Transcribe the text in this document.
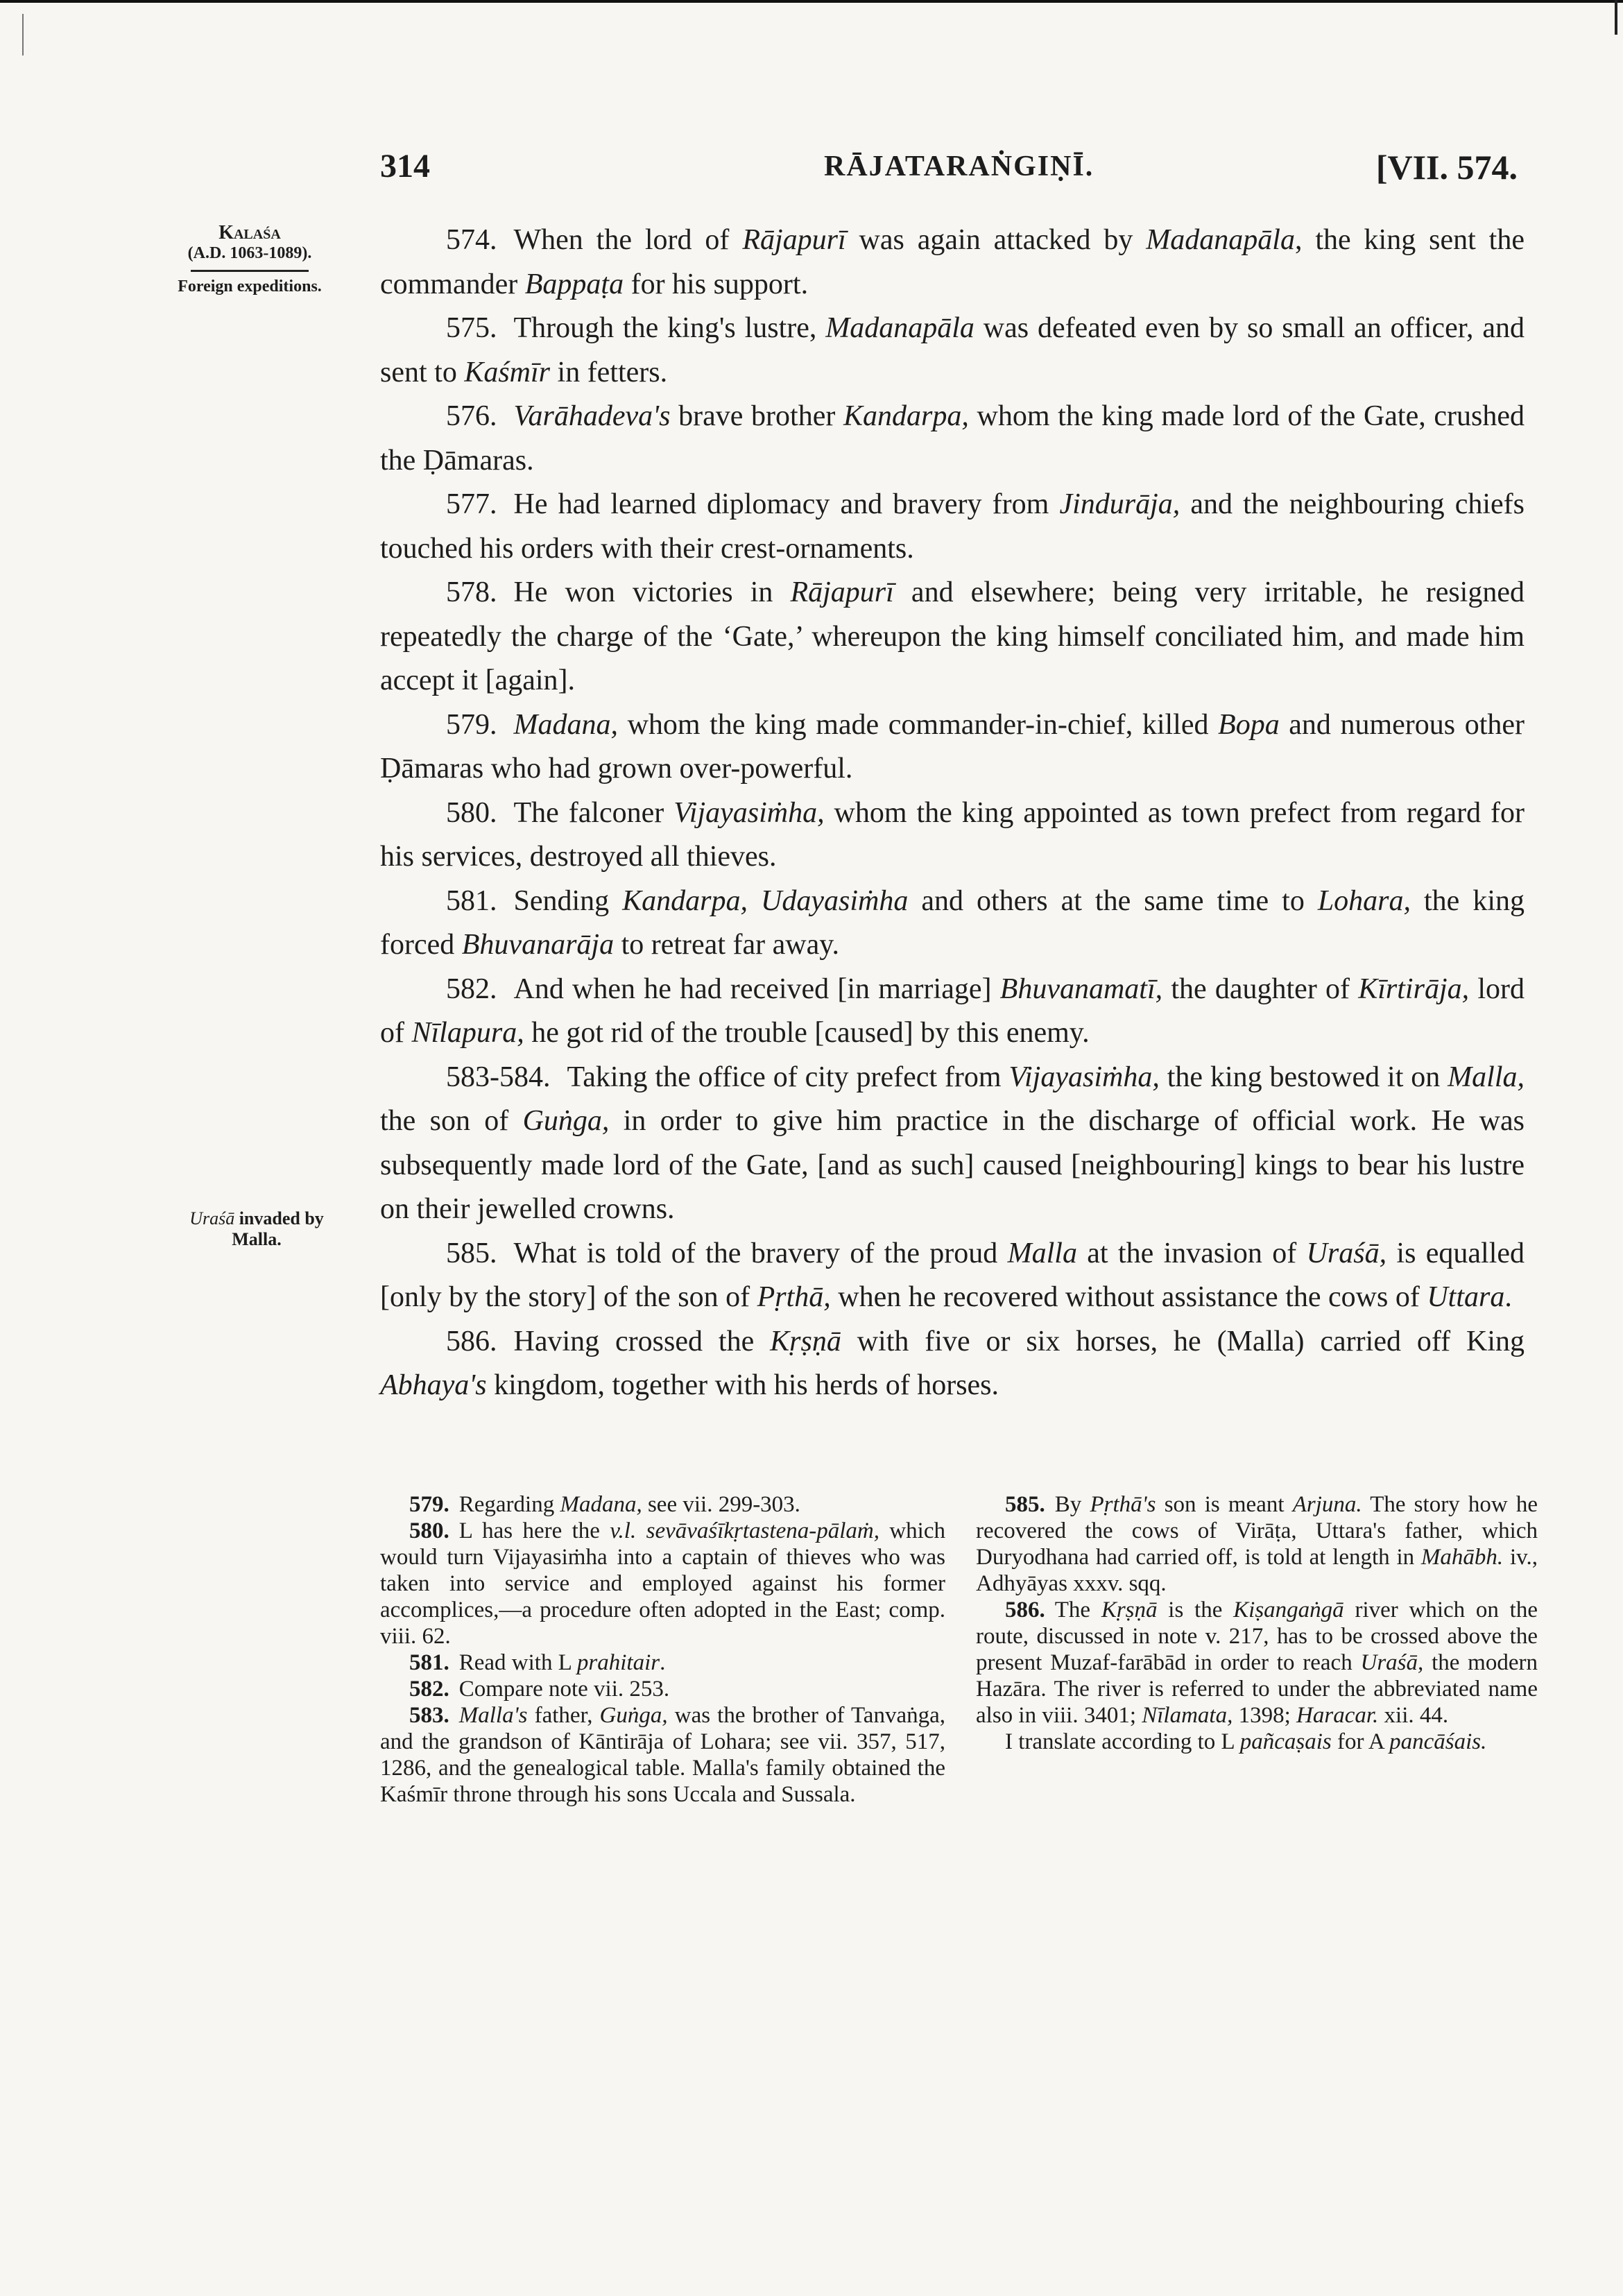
314	RĀJATARAṄGIṆĪ.	[VII. 574.
Kalaśa
(A.D. 1063-1089).
Foreign expeditions.
Uraśā invaded by
Malla.

574. When the lord of Rājapurī was again attacked by Madanapāla, the king sent the commander Bappaṭa for his support.

575. Through the king's lustre, Madanapāla was defeated even by so small an officer, and sent to Kaśmīr in fetters.

576. Varāhadeva's brave brother Kandarpa, whom the king made lord of the Gate, crushed the Ḍāmaras.

577. He had learned diplomacy and bravery from Jindurāja, and the neighbouring chiefs touched his orders with their crest-ornaments.

578. He won victories in Rājapurī and elsewhere; being very irritable, he resigned repeatedly the charge of the ‘Gate,’ whereupon the king himself conciliated him, and made him accept it [again].

579. Madana, whom the king made commander-in-chief, killed Bopa and numerous other Ḍāmaras who had grown over-powerful.

580. The falconer Vijayasiṁha, whom the king appointed as town prefect from regard for his services, destroyed all thieves.

581. Sending Kandarpa, Udayasiṁha and others at the same time to Lohara, the king forced Bhuvanarāja to retreat far away.

582. And when he had received [in marriage] Bhuvanamatī, the daughter of Kīrtirāja, lord of Nīlapura, he got rid of the trouble [caused] by this enemy.

583-584. Taking the office of city prefect from Vijayasiṁha, the king bestowed it on Malla, the son of Guṅga, in order to give him practice in the discharge of official work. He was subsequently made lord of the Gate, [and as such] caused [neighbouring] kings to bear his lustre on their jewelled crowns.

585. What is told of the bravery of the proud Malla at the invasion of Uraśā, is equalled [only by the story] of the son of Pṛthā, when he recovered without assistance the cows of Uttara.

586. Having crossed the Kṛṣṇā with five or six horses, he (Malla) carried off King Abhaya's kingdom, together with his herds of horses.

579. Regarding Madana, see vii. 299-303.

580. L has here the v.l. sevāvaśīkṛtastena-pālaṁ, which would turn Vijayasiṁha into a captain of thieves who was taken into service and employed against his former accomplices,—a procedure often adopted in the East; comp. viii. 62.

581. Read with L prahitair.

582. Compare note vii. 253.

583. Malla's father, Guṅga, was the brother of Tanvaṅga, and the grandson of Kāntirāja of Lohara; see vii. 357, 517, 1286, and the genealogical table. Malla's family obtained the Kaśmīr throne through his sons Uccala and Sussala.

585. By Pṛthā's son is meant Arjuna. The story how he recovered the cows of Virāṭa, Uttara's father, which Duryodhana had carried off, is told at length in Mahābh. iv., Adhyāyas xxxv. sqq.

586. The Kṛṣṇā is the Kiṣangaṅgā river which on the route, discussed in note v. 217, has to be crossed above the present Muzaf-farābād in order to reach Uraśā, the modern Hazāra. The river is referred to under the abbreviated name also in viii. 3401; Nīlamata, 1398; Haracar. xii. 44.

I translate according to L pañcaṣais for A pancāśais.
